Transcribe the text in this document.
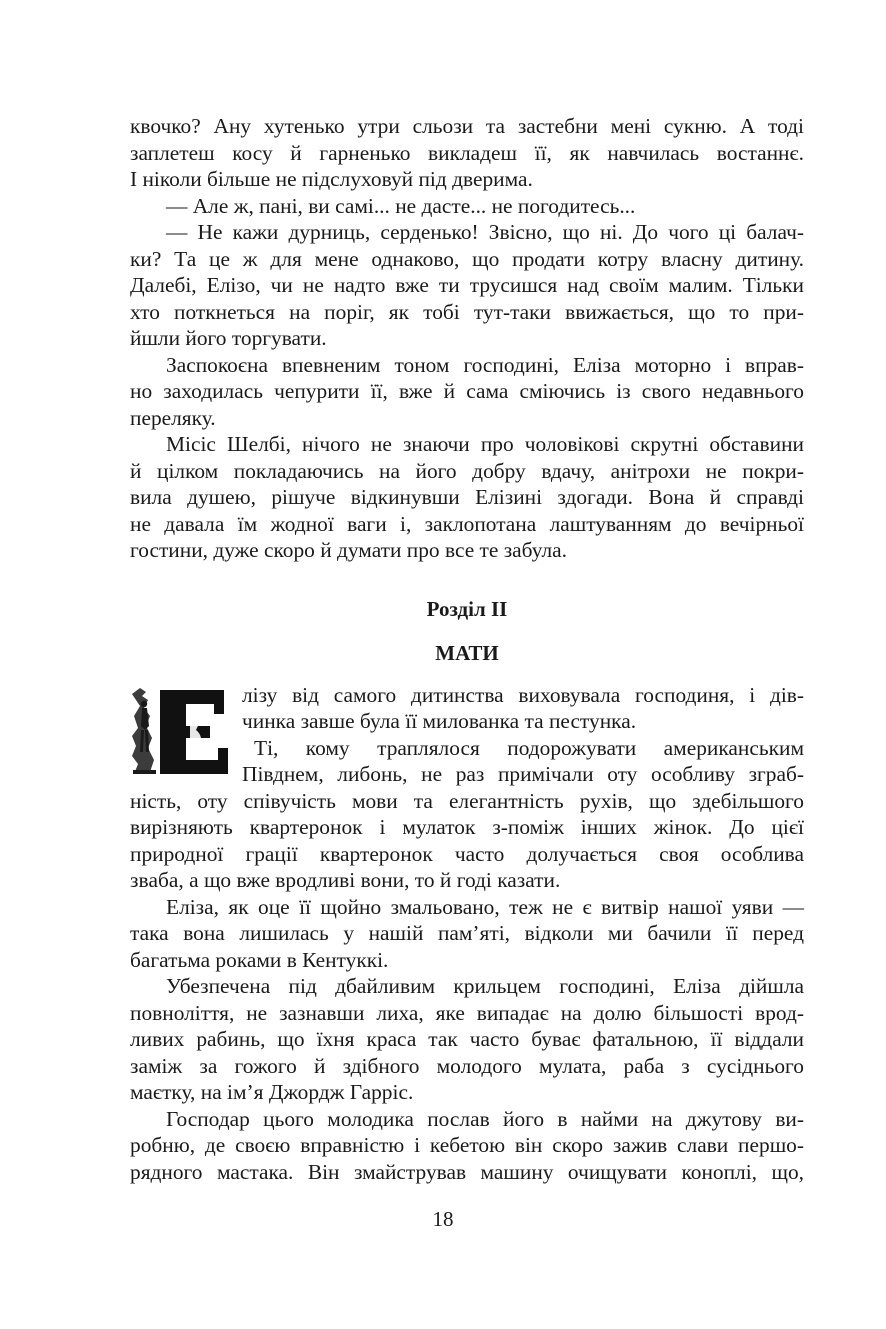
квочко? Ану хутенько утри сльози та застебни мені сукню. А тоді
заплетеш косу й гарненько викладеш її, як навчилась востаннє.
І ніколи більше не підслуховуй під дверима.
— Але ж, пані, ви самі... не дасте... не погодитесь...
— Не кажи дурниць, серденько! Звісно, що ні. До чого ці балач-
ки? Та це ж для мене однаково, що продати котру власну дитину.
Далебі, Елізо, чи не надто вже ти трусишся над своїм малим. Тільки
хто поткнеться на поріг, як тобі тут-таки ввижається, що то при-
йшли його торгувати.
Заспокоєна впевненим тоном господині, Еліза моторно і вправ-
но заходилась чепурити її, вже й сама сміючись із свого недавнього
переляку.
Місіс Шелбі, нічого не знаючи про чоловікові скрутні обставини
й цілком покладаючись на його добру вдачу, анітрохи не покри-
вила душею, рішуче відкинувши Елізині здогади. Вона й справді
не давала їм жодної ваги і, заклопотана лаштуванням до вечірньої
гостини, дуже скоро й думати про все те забула.
Розділ II
МАТИ
Е	лізу від самого дитинства виховувала господиня, і дів-
чинка завше була її милованка та пестунка.
Ті, кому траплялося подорожувати американським
Півднем, либонь, не раз примічали оту особливу зграб-
ність, оту співучість мови та елегантність рухів, що здебільшого
вирізняють квартеронок і мулаток з-поміж інших жінок. До цієї
природної грації квартеронок часто долучається своя особлива
звaба, а що вже вродливі вони, то й годі казати.
Еліза, як оце її щойно змальовано, теж не є витвір нашої уяви —
така вона лишилась у нашій пам’яті, відколи ми бачили її перед
багатьма роками в Кентуккі.
Убезпечена під дбайливим крильцем господині, Еліза дійшла
повноліття, не зазнавши лиха, яке випадає на долю більшості врод-
ливих рабинь, що їхня краса так часто буває фатальною, її віддали
заміж за гожого й здібного молодого мулата, раба з сусіднього
маєтку, на ім’я Джордж Гарріс.
Господар цього молодика послав його в найми на джутову ви-
робню, де своєю вправністю і кебетою він скоро зажив слави першо-
рядного мастака. Він змайстрував машину очищувати коноплі, що,
18
